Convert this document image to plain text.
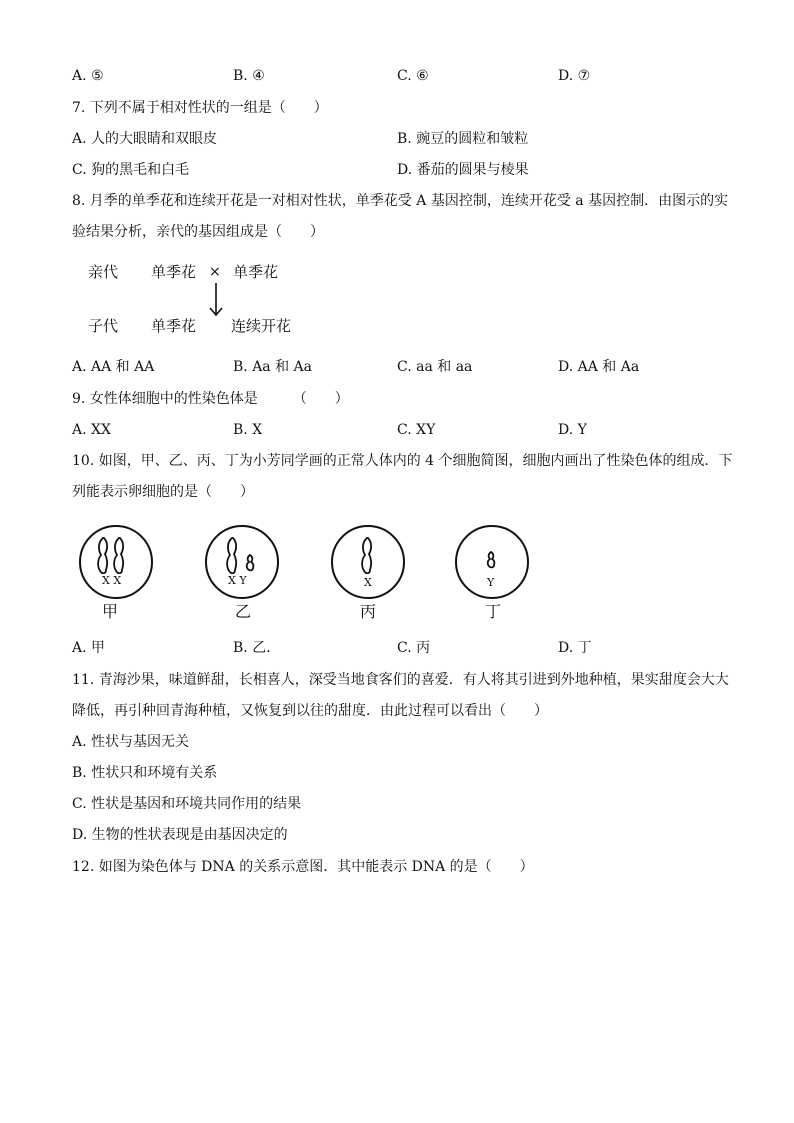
A. ⑤	B. ④	C. ⑥	D. ⑦
7. 下列不属于相对性状的一组是（　　）
A. 人的大眼睛和双眼皮	B. 豌豆的圆粒和皱粒
C. 狗的黑毛和白毛	D. 番茄的圆果与棱果
8. 月季的单季花和连续开花是一对相对性状，单季花受 A 基因控制，连续开花受 a 基因控制．由图示的实
验结果分析，亲代的基因组成是（　　）
亲代 单季花 × 单季花
子代 单季花 连续开花
A. AA 和 AA	B. Aa 和 Aa	C. aa 和 aa	D. AA 和 Aa
9. 女性体细胞中的性染色体是　　　（　　）
A. XX	B. X	C. XY	D. Y
10. 如图，甲、乙、丙、丁为小芳同学画的正常人体内的 4 个细胞简图，细胞内画出了性染色体的组成．下
列能表示卵细胞的是（　　）
X X
甲
X Y
乙
X
丙
Y
丁
A. 甲	B. 乙．	C. 丙	D. 丁
11. 青海沙果，味道鲜甜，长相喜人，深受当地食客们的喜爱．有人将其引进到外地种植，果实甜度会大大
降低，再引种回青海种植，又恢复到以往的甜度．由此过程可以看出（　　）
A. 性状与基因无关
B. 性状只和环境有关系
C. 性状是基因和环境共同作用的结果
D. 生物的性状表现是由基因决定的
12. 如图为染色体与 DNA 的关系示意图．其中能表示 DNA 的是（　　）
